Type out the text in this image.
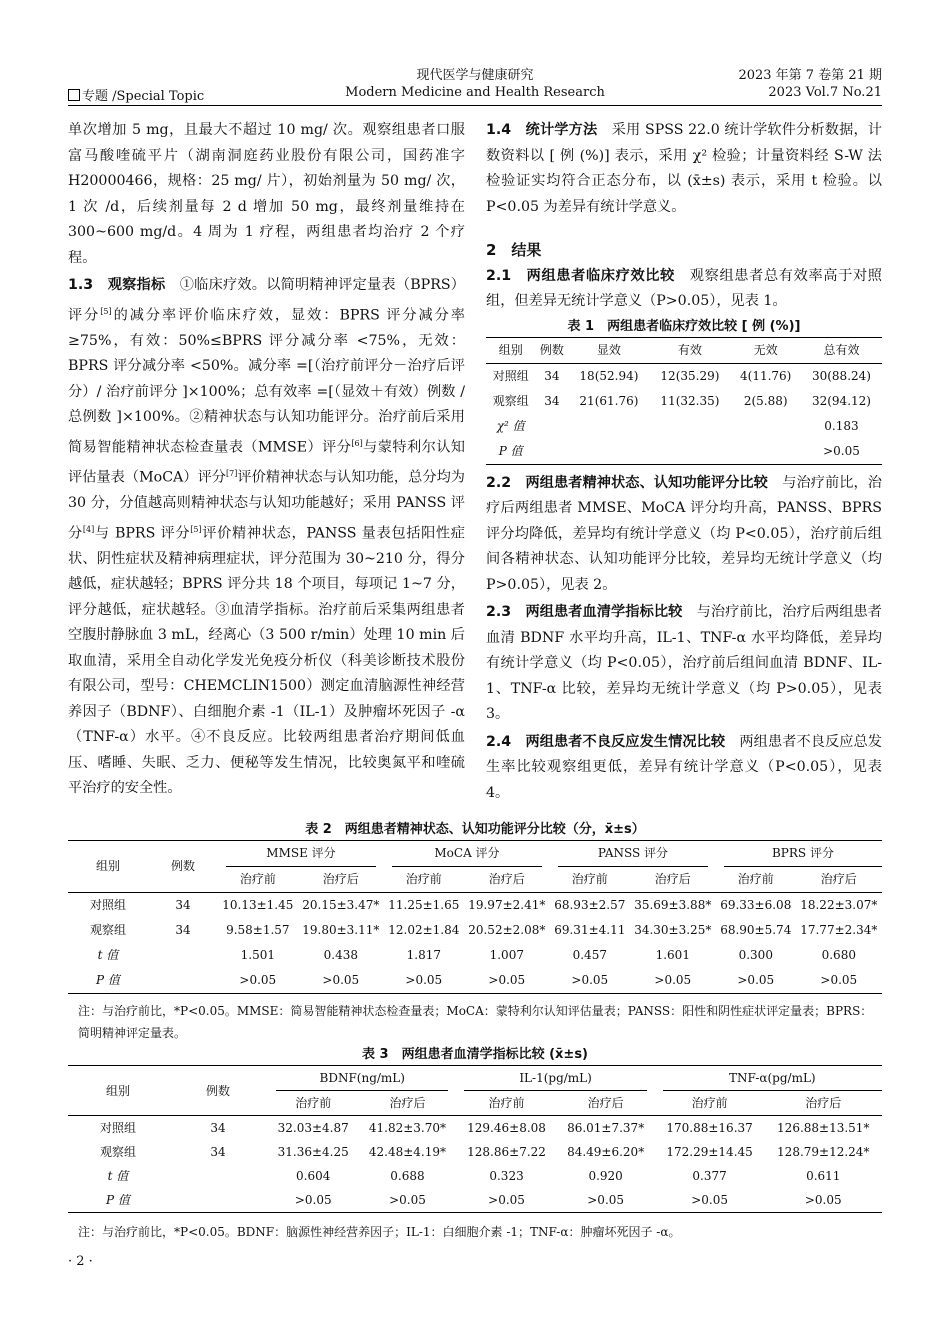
现代医学与健康研究	2023 年第 7 卷第 21 期
专题 /Special Topic	Modern Medicine and Health Research	2023 Vol.7 No.21

单次增加 5 mg，且最大不超过 10 mg/ 次。观察组患者口服富马酸喹硫平片（湖南洞庭药业股份有限公司，国药准字 H20000466，规格：25 mg/ 片），初始剂量为 50 mg/ 次，1 次 /d，后续剂量每 2 d 增加 50 mg，最终剂量维持在 300~600 mg/d。4 周为 1 疗程，两组患者均治疗 2 个疗程。

1.3　观察指标　 ①临床疗效。以简明精神评定量表（BPRS）评分[5]的减分率评价临床疗效，显效：BPRS 评分减分率≥75%，有效：50%≤BPRS 评分减分率 <75%，无效：BPRS 评分减分率 <50%。减分率 =[（治疗前评分－治疗后评分）/ 治疗前评分 ]×100%；总有效率 =[（显效＋有效）例数 / 总例数 ]×100%。②精神状态与认知功能评分。治疗前后采用简易智能精神状态检查量表（MMSE）评分[6]与蒙特利尔认知评估量表（MoCA）评分[7]评价精神状态与认知功能，总分均为 30 分，分值越高则精神状态与认知功能越好；采用 PANSS 评分[4]与 BPRS 评分[5]评价精神状态，PANSS 量表包括阳性症状、阴性症状及精神病理症状，评分范围为 30~210 分，得分越低，症状越轻；BPRS 评分共 18 个项目，每项记 1~7 分，评分越低，症状越轻。③血清学指标。治疗前后采集两组患者空腹肘静脉血 3 mL，经离心（3 500 r/min）处理 10 min 后取血清，采用全自动化学发光免疫分析仪（科美诊断技术股份有限公司，型号：CHEMCLIN1500）测定血清脑源性神经营养因子（BDNF）、白细胞介素 -1（IL-1）及肿瘤坏死因子 -α（TNF-α）水平。④不良反应。比较两组患者治疗期间低血压、嗜睡、失眠、乏力、便秘等发生情况，比较奥氮平和喹硫平治疗的安全性。

1.4　统计学方法　 采用 SPSS 22.0 统计学软件分析数据，计数资料以 [ 例 (%)] 表示，采用 χ² 检验；计量资料经 S-W 法检验证实均符合正态分布，以 (x̄±s) 表示，采用 t 检验。以 P<0.05 为差异有统计学意义。

2　结果

2.1　两组患者临床疗效比较　 观察组患者总有效率高于对照组，但差异无统计学意义（P>0.05），见表 1。

表 1　两组患者临床疗效比较 [ 例 (%)]
组别	例数	显效	有效	无效	总有效
对照组	34	18(52.94)	12(35.29)	4(11.76)	30(88.24)
观察组	34	21(61.76)	11(32.35)	2(5.88)	32(94.12)
χ² 值					0.183
P 值					>0.05

2.2　两组患者精神状态、认知功能评分比较　 与治疗前比，治疗后两组患者 MMSE、MoCA 评分均升高，PANSS、BPRS 评分均降低，差异均有统计学意义（均 P<0.05），治疗前后组间各精神状态、认知功能评分比较，差异均无统计学意义（均 P>0.05），见表 2。

2.3　两组患者血清学指标比较　 与治疗前比，治疗后两组患者血清 BDNF 水平均升高，IL-1、TNF-α 水平均降低，差异均有统计学意义（均 P<0.05），治疗前后组间血清 BDNF、IL-1、TNF-α 比较，差异均无统计学意义（均 P>0.05），见表 3。

2.4　两组患者不良反应发生情况比较　 两组患者不良反应总发生率比较观察组更低，差异有统计学意义（P<0.05），见表 4。

表 2　两组患者精神状态、认知功能评分比较（分，x̄±s）
组别	例数	MMSE 评分		MoCA 评分		PANSS 评分		BPRS 评分	

		治疗前	治疗后	治疗前	治疗后	治疗前	治疗后	治疗前	治疗后
对照组	34	10.13±1.45	20.15±3.47*	11.25±1.65	19.97±2.41*	68.93±2.57	35.69±3.88*	69.33±6.08	18.22±3.07*
观察组	34	9.58±1.57	19.80±3.11*	12.02±1.84	20.52±2.08*	69.31±4.11	34.30±3.25*	68.90±5.74	17.77±2.34*
t 值		1.501	0.438	1.817	1.007	0.457	1.601	0.300	0.680
P 值		>0.05	>0.05	>0.05	>0.05	>0.05	>0.05	>0.05	>0.05
注：与治疗前比，*P<0.05。MMSE：简易智能精神状态检查量表；MoCA：蒙特利尔认知评估量表；PANSS：阳性和阴性症状评定量表；BPRS：简明精神评定量表。
表 3　两组患者血清学指标比较 (x̄±s)
组别	例数	BDNF(ng/mL)		IL-1(pg/mL)		TNF-α(pg/mL)	

		治疗前	治疗后	治疗前	治疗后	治疗前	治疗后
对照组	34	32.03±4.87	41.82±3.70*	129.46±8.08	86.01±7.37*	170.88±16.37	126.88±13.51*
观察组	34	31.36±4.25	42.48±4.19*	128.86±7.22	84.49±6.20*	172.29±14.45	128.79±12.24*
t 值		0.604	0.688	0.323	0.920	0.377	0.611
P 值		>0.05	>0.05	>0.05	>0.05	>0.05	>0.05
注：与治疗前比，*P<0.05。BDNF：脑源性神经营养因子；IL-1：白细胞介素 -1；TNF-α：肿瘤坏死因子 -α。
· 2 ·
